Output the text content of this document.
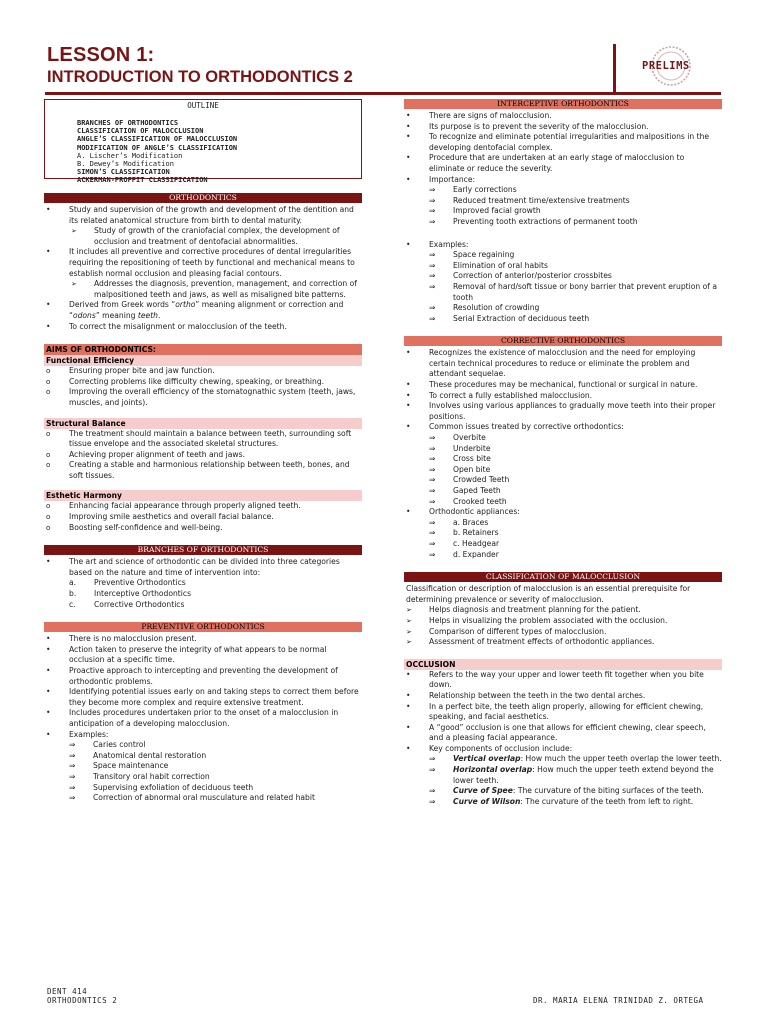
LESSON 1:
INTRODUCTION TO ORTHODONTICS 2
PRELIMS
OUTLINE
BRANCHES OF ORTHODONTICS
CLASSIFICATION OF MALOCCLUSION
ANGLE’S CLASSIFICATION OF MALOCCLUSION
MODIFICATION OF ANGLE’S CLASSIFICATION
A. Lischer’s Modification
B. Dewey’s Modification
SIMON’S CLASSIFICATION
ACKERMAN-PROFFIT CLASSIFICATION
ORTHODONTICS
• Study and supervision of the growth and development of the dentition and its related anatomical structure from birth to dental maturity.
➢ Study of growth of the craniofacial complex, the development of occlusion and treatment of dentofacial abnormalities.
• It includes all preventive and corrective procedures of dental irregularities requiring the repositioning of teeth by functional and mechanical means to establish normal occlusion and pleasing facial contours.
➢ Addresses the diagnosis, prevention, management, and correction of malpositioned teeth and jaws, as well as misaligned bite patterns.
• Derived from Greek words “ortho” meaning alignment or correction and “odons” meaning teeth.
• To correct the misalignment or malocclusion of the teeth.
AIMS OF ORTHODONTICS:
Functional Efficiency
o Ensuring proper bite and jaw function.
o Correcting problems like difficulty chewing, speaking, or breathing.
o Improving the overall efficiency of the stomatognathic system (teeth, jaws, muscles, and joints).
Structural Balance
o The treatment should maintain a balance between teeth, surrounding soft tissue envelope and the associated skeletal structures.
o Achieving proper alignment of teeth and jaws.
o Creating a stable and harmonious relationship between teeth, bones, and soft tissues.
Esthetic Harmony
o Enhancing facial appearance through properly aligned teeth.
o Improving smile aesthetics and overall facial balance.
o Boosting self-confidence and well-being.
BRANCHES OF ORTHODONTICS
• The art and science of orthodontic can be divided into three categories based on the nature and time of intervention into:
a. Preventive Orthodontics
b. Interceptive Orthodontics
c. Corrective Orthodontics
PREVENTIVE ORTHODONTICS
• There is no malocclusion present.
• Action taken to preserve the integrity of what appears to be normal occlusion at a specific time.
• Proactive approach to intercepting and preventing the development of orthodontic problems.
• Identifying potential issues early on and taking steps to correct them before they become more complex and require extensive treatment.
• Includes procedures undertaken prior to the onset of a malocclusion in anticipation of a developing malocclusion.
• Examples:
⇒ Caries control
⇒ Anatomical dental restoration
⇒ Space maintenance
⇒ Transitory oral habit correction
⇒ Supervising exfoliation of deciduous teeth
⇒ Correction of abnormal oral musculature and related habit
INTERCEPTIVE ORTHODONTICS
• There are signs of malocclusion.
• Its purpose is to prevent the severity of the malocclusion.
• To recognize and eliminate potential irregularities and malpositions in the developing dentofacial complex.
• Procedure that are undertaken at an early stage of malocclusion to eliminate or reduce the severity.
• Importance:
⇒ Early corrections
⇒ Reduced treatment time/extensive treatments
⇒ Improved facial growth
⇒ Preventing tooth extractions of permanent tooth
• Examples:
⇒ Space regaining
⇒ Elimination of oral habits
⇒ Correction of anterior/posterior crossbites
⇒ Removal of hard/soft tissue or bony barrier that prevent eruption of a tooth
⇒ Resolution of crowding
⇒ Serial Extraction of deciduous teeth
CORRECTIVE ORTHODONTICS
• Recognizes the existence of malocclusion and the need for employing certain technical procedures to reduce or eliminate the problem and attendant sequelae.
• These procedures may be mechanical, functional or surgical in nature.
• To correct a fully established malocclusion.
• Involves using various appliances to gradually move teeth into their proper positions.
• Common issues treated by corrective orthodontics:
⇒ Overbite
⇒ Underbite
⇒ Cross bite
⇒ Open bite
⇒ Crowded Teeth
⇒ Gaped Teeth
⇒ Crooked teeth
• Orthodontic appliances:
⇒ a. Braces
⇒ b. Retainers
⇒ c. Headgear
⇒ d. Expander
CLASSIFICATION OF MALOCCLUSION
Classification or description of malocclusion is an essential prerequisite for determining prevalence or severity of malocclusion.
➢ Helps diagnosis and treatment planning for the patient.
➢ Helps in visualizing the problem associated with the occlusion.
➢ Comparison of different types of malocclusion.
➢ Assessment of treatment effects of orthodontic appliances.
OCCLUSION
• Refers to the way your upper and lower teeth fit together when you bite down.
• Relationship between the teeth in the two dental arches.
• In a perfect bite, the teeth align properly, allowing for efficient chewing, speaking, and facial aesthetics.
• A “good” occlusion is one that allows for efficient chewing, clear speech, and a pleasing facial appearance.
• Key components of occlusion include:
⇒ Vertical overlap: How much the upper teeth overlap the lower teeth.
⇒ Horizontal overlap: How much the upper teeth extend beyond the lower teeth.
⇒ Curve of Spee: The curvature of the biting surfaces of the teeth.
⇒ Curve of Wilson: The curvature of the teeth from left to right.
DENT 414
ORTHODONTICS 2	DR. MARIA ELENA TRINIDAD Z. ORTEGA
